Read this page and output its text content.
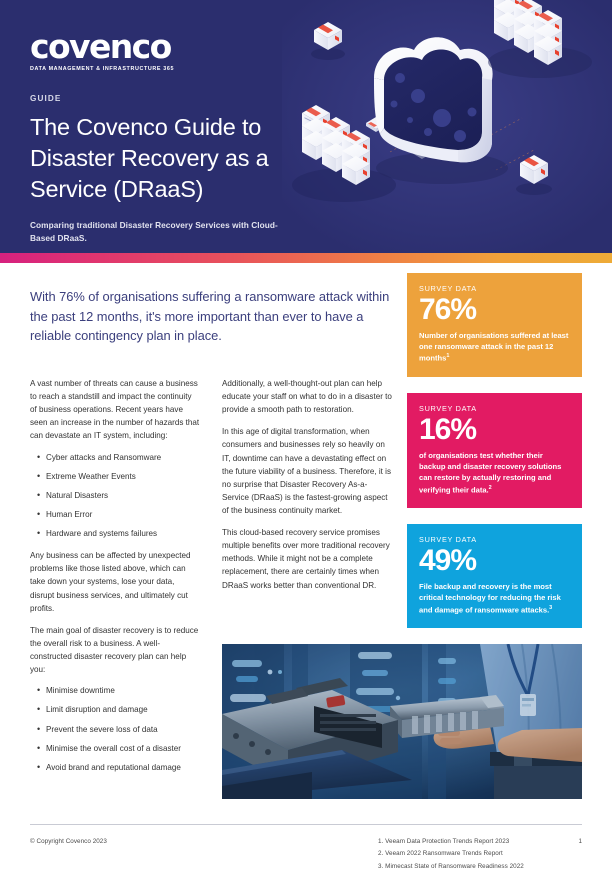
covenco
DATA MANAGEMENT & INFRASTRUCTURE 365
GUIDE
The Covenco Guide to Disaster Recovery as a Service (DRaaS)
Comparing traditional Disaster Recovery Services with Cloud-Based DRaaS.
With 76% of organisations suffering a ransomware attack within the past 12 months, it's more important than ever to have a reliable contingency plan in place.

A vast number of threats can cause a business to reach a standstill and impact the continuity of business operations. Recent years have seen an increase in the number of hazards that can devastate an IT system, including:

• Cyber attacks and Ransomware
• Extreme Weather Events
• Natural Disasters
• Human Error
• Hardware and systems failures

Any business can be affected by unexpected problems like those listed above, which can take down your systems, lose your data, disrupt business services, and ultimately cut profits.

The main goal of disaster recovery is to reduce the overall risk to a business. A well-constructed disaster recovery plan can help you:

• Minimise downtime
• Limit disruption and damage
• Prevent the severe loss of data
• Minimise the overall cost of a disaster
• Avoid brand and reputational damage

Additionally, a well-thought-out plan can help educate your staff on what to do in a disaster to provide a smooth path to restoration.

In this age of digital transformation, when consumers and businesses rely so heavily on IT, downtime can have a devastating effect on the future viability of a business. Therefore, it is no surprise that Disaster Recovery As-a-Service (DRaaS) is the fastest-growing aspect of the business continuity market.

This cloud-based recovery service promises multiple benefits over more traditional recovery methods. While it might not be a complete replacement, there are certainly times when DRaaS works better than conventional DR.

SURVEY DATA
76%
Number of organisations suffered at least one ransomware attack in the past 12 months$^1$
SURVEY DATA
16%
of organisations test whether their backup and disaster recovery solutions can restore by actually restoring and verifying their data.$^2$
SURVEY DATA
49%
File backup and recovery is the most critical technology for reducing the risk and damage of ransomware attacks.$^3$
© Copyright Covenco 2023	1. Veeam Data Protection Trends Report 2023
2. Veeam 2022 Ransomware Trends Report
3. Mimecast State of Ransomware Readiness 2022
1
